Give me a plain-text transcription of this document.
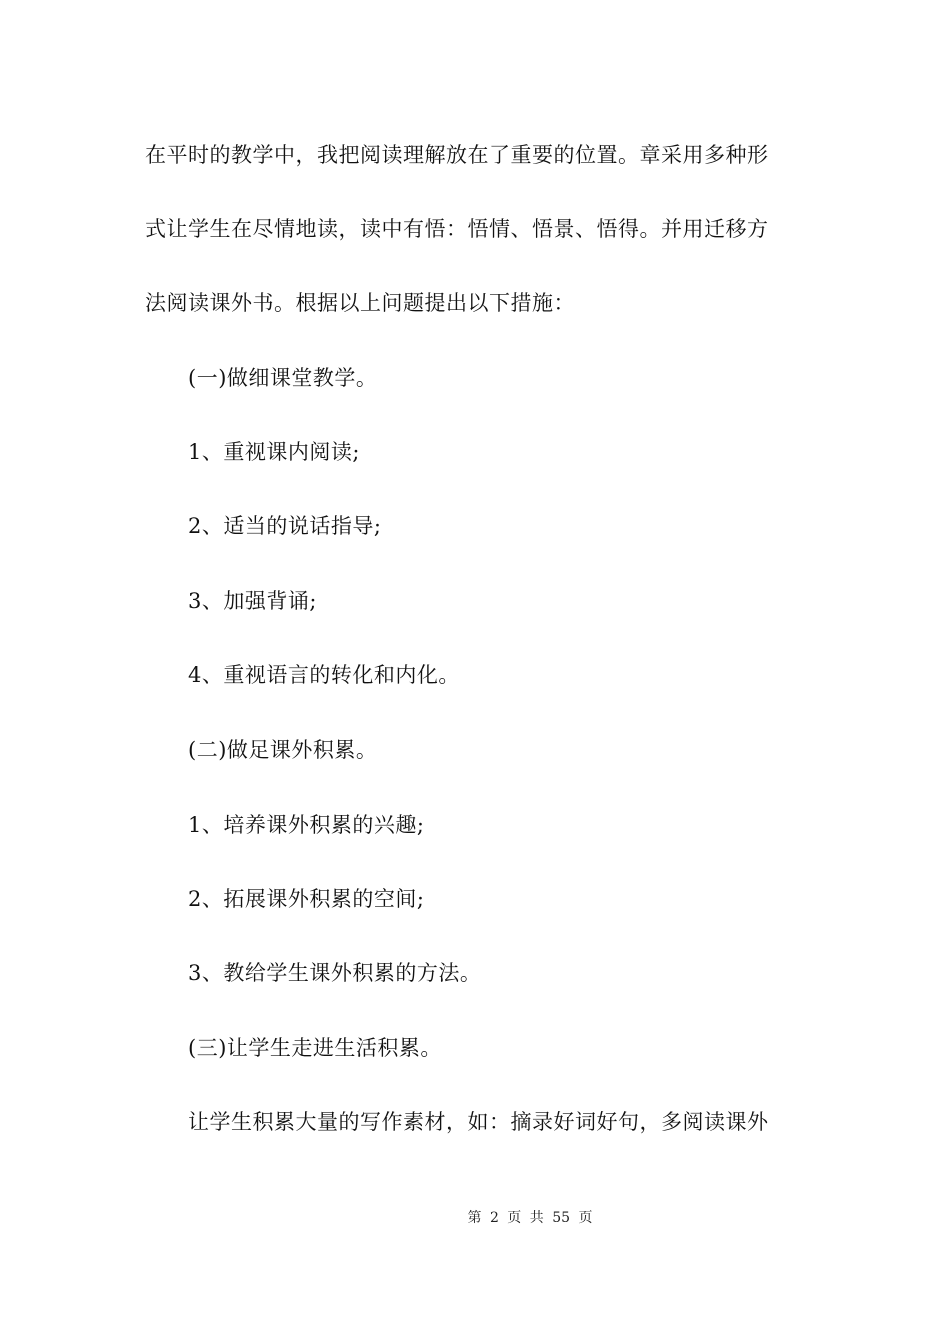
在平时的教学中，我把阅读理解放在了重要的位置。章采用多种形
式让学生在尽情地读，读中有悟：悟情、悟景、悟得。并用迁移方
法阅读课外书。根据以上问题提出以下措施：
(一)做细课堂教学。
1、重视课内阅读;
2、适当的说话指导;
3、加强背诵;
4、重视语言的转化和内化。
(二)做足课外积累。
1、培养课外积累的兴趣;
2、拓展课外积累的空间;
3、教给学生课外积累的方法。
(三)让学生走进生活积累。
让学生积累大量的写作素材，如：摘录好词好句，多阅读课外
第 2 页 共 55 页
